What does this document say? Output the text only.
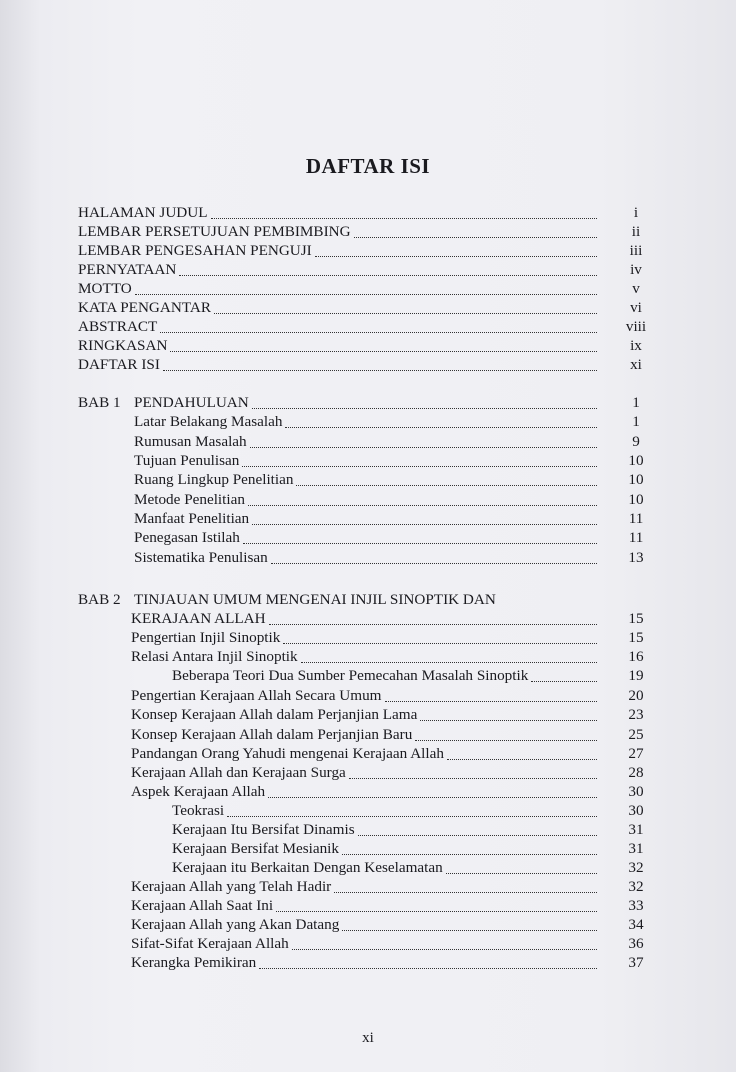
DAFTAR ISI
HALAMAN JUDUL	i
LEMBAR PERSETUJUAN PEMBIMBING	ii
LEMBAR PENGESAHAN PENGUJI	iii
PERNYATAAN	iv
MOTTO	v
KATA PENGANTAR	vi
ABSTRACT	viii
RINGKASAN	ix
DAFTAR ISI	xi
BAB 1 PENDAHULUAN	1
Latar Belakang Masalah	1
Rumusan Masalah	9
Tujuan Penulisan	10
Ruang Lingkup Penelitian	10
Metode Penelitian	10
Manfaat Penelitian	11
Penegasan Istilah	11
Sistematika Penulisan	13
BAB 2 TINJAUAN UMUM MENGENAI INJIL SINOPTIK DAN
KERAJAAN ALLAH	15
Pengertian Injil Sinoptik	15
Relasi Antara Injil Sinoptik	16
Beberapa Teori Dua Sumber Pemecahan Masalah Sinoptik	19
Pengertian Kerajaan Allah Secara Umum	20
Konsep Kerajaan Allah dalam Perjanjian Lama	23
Konsep Kerajaan Allah dalam Perjanjian Baru	25
Pandangan Orang Yahudi mengenai Kerajaan Allah	27
Kerajaan Allah dan Kerajaan Surga	28
Aspek Kerajaan Allah	30
Teokrasi	30
Kerajaan Itu Bersifat Dinamis	31
Kerajaan Bersifat Mesianik	31
Kerajaan itu Berkaitan Dengan Keselamatan	32
Kerajaan Allah yang Telah Hadir	32
Kerajaan Allah Saat Ini	33
Kerajaan Allah yang Akan Datang	34
Sifat-Sifat Kerajaan Allah	36
Kerangka Pemikiran	37
xi
